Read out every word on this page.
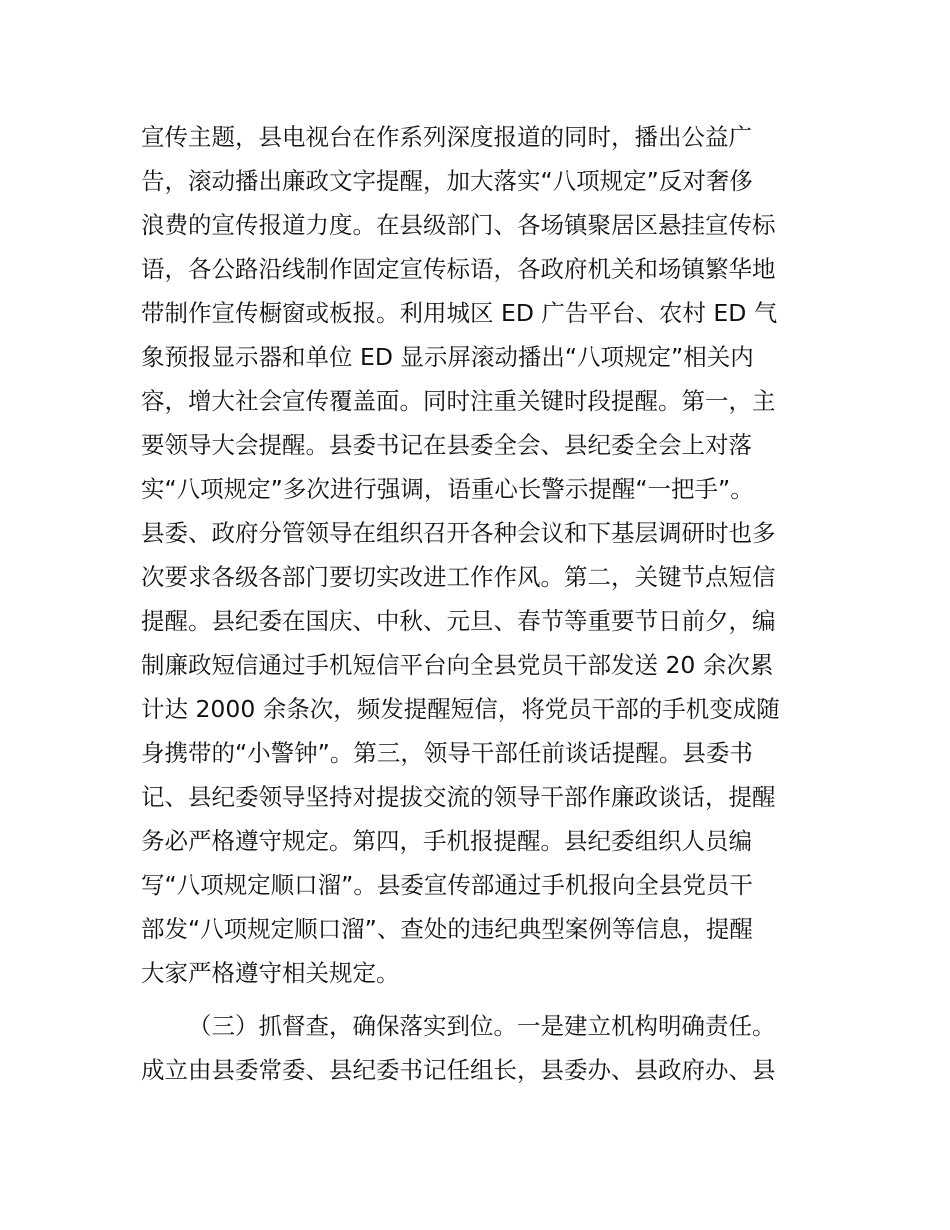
宣传主题，县电视台在作系列深度报道的同时，播出公益广
告，滚动播出廉政文字提醒，加大落实“八项规定”反对奢侈
浪费的宣传报道力度。在县级部门、各场镇聚居区悬挂宣传标
语，各公路沿线制作固定宣传标语，各政府机关和场镇繁华地
带制作宣传橱窗或板报。利用城区 ED 广告平台、农村 ED 气
象预报显示器和单位 ED 显示屏滚动播出“八项规定”相关内
容，增大社会宣传覆盖面。同时注重关键时段提醒。第一，主
要领导大会提醒。县委书记在县委全会、县纪委全会上对落
实“八项规定”多次进行强调，语重心长警示提醒“一把手”。
县委、政府分管领导在组织召开各种会议和下基层调研时也多
次要求各级各部门要切实改进工作作风。第二，关键节点短信
提醒。县纪委在国庆、中秋、元旦、春节等重要节日前夕，编
制廉政短信通过手机短信平台向全县党员干部发送 20 余次累
计达 2000 余条次，频发提醒短信，将党员干部的手机变成随
身携带的“小警钟”。第三，领导干部任前谈话提醒。县委书
记、县纪委领导坚持对提拔交流的领导干部作廉政谈话，提醒
务必严格遵守规定。第四，手机报提醒。县纪委组织人员编
写“八项规定顺口溜”。县委宣传部通过手机报向全县党员干
部发“八项规定顺口溜”、查处的违纪典型案例等信息，提醒
大家严格遵守相关规定。
（三）抓督查，确保落实到位。一是建立机构明确责任。
成立由县委常委、县纪委书记任组长，县委办、县政府办、县
